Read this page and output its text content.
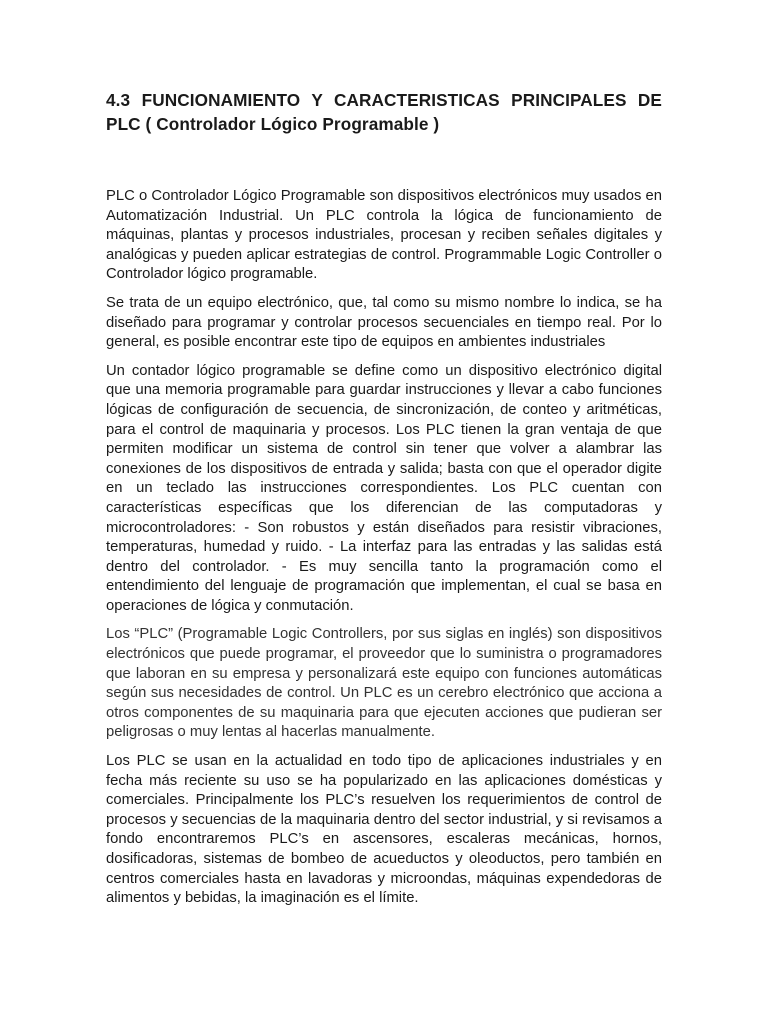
4.3 FUNCIONAMIENTO Y CARACTERISTICAS PRINCIPALES DE PLC ( Controlador Lógico Programable )

PLC o Controlador Lógico Programable son dispositivos electrónicos muy usados en Automatización Industrial. Un PLC controla la lógica de funcionamiento de máquinas, plantas y procesos industriales, procesan y reciben señales digitales y analógicas y pueden aplicar estrategias de control. Programmable Logic Controller o Controlador lógico programable.

Se trata de un equipo electrónico, que, tal como su mismo nombre lo indica, se ha diseñado para programar y controlar procesos secuenciales en tiempo real. Por lo general, es posible encontrar este tipo de equipos en ambientes industriales

Un contador lógico programable se define como un dispositivo electrónico digital que una memoria programable para guardar instrucciones y llevar a cabo funciones lógicas de configuración de secuencia, de sincronización, de conteo y aritméticas, para el control de maquinaria y procesos. Los PLC tienen la gran ventaja de que permiten modificar un sistema de control sin tener que volver a alambrar las conexiones de los dispositivos de entrada y salida; basta con que el operador digite en un teclado las instrucciones correspondientes. Los PLC cuentan con características específicas que los diferencian de las computadoras y microcontroladores: - Son robustos y están diseñados para resistir vibraciones, temperaturas, humedad y ruido. - La interfaz para las entradas y las salidas está dentro del controlador. - Es muy sencilla tanto la programación como el entendimiento del lenguaje de programación que implementan, el cual se basa en operaciones de lógica y conmutación.

Los “PLC” (Programable Logic Controllers, por sus siglas en inglés) son dispositivos electrónicos que puede programar, el proveedor que lo suministra o programadores que laboran en su empresa y personalizará este equipo con funciones automáticas según sus necesidades de control. Un PLC es un cerebro electrónico que acciona a otros componentes de su maquinaria para que ejecuten acciones que pudieran ser peligrosas o muy lentas al hacerlas manualmente.

Los PLC se usan en la actualidad en todo tipo de aplicaciones industriales y en fecha más reciente su uso se ha popularizado en las aplicaciones domésticas y comerciales. Principalmente los PLC’s resuelven los requerimientos de control de procesos y secuencias de la maquinaria dentro del sector industrial, y si revisamos a fondo encontraremos PLC’s en ascensores, escaleras mecánicas, hornos, dosificadoras, sistemas de bombeo de acueductos y oleoductos, pero también en centros comerciales hasta en lavadoras y microondas, máquinas expendedoras de alimentos y bebidas, la imaginación es el límite.
